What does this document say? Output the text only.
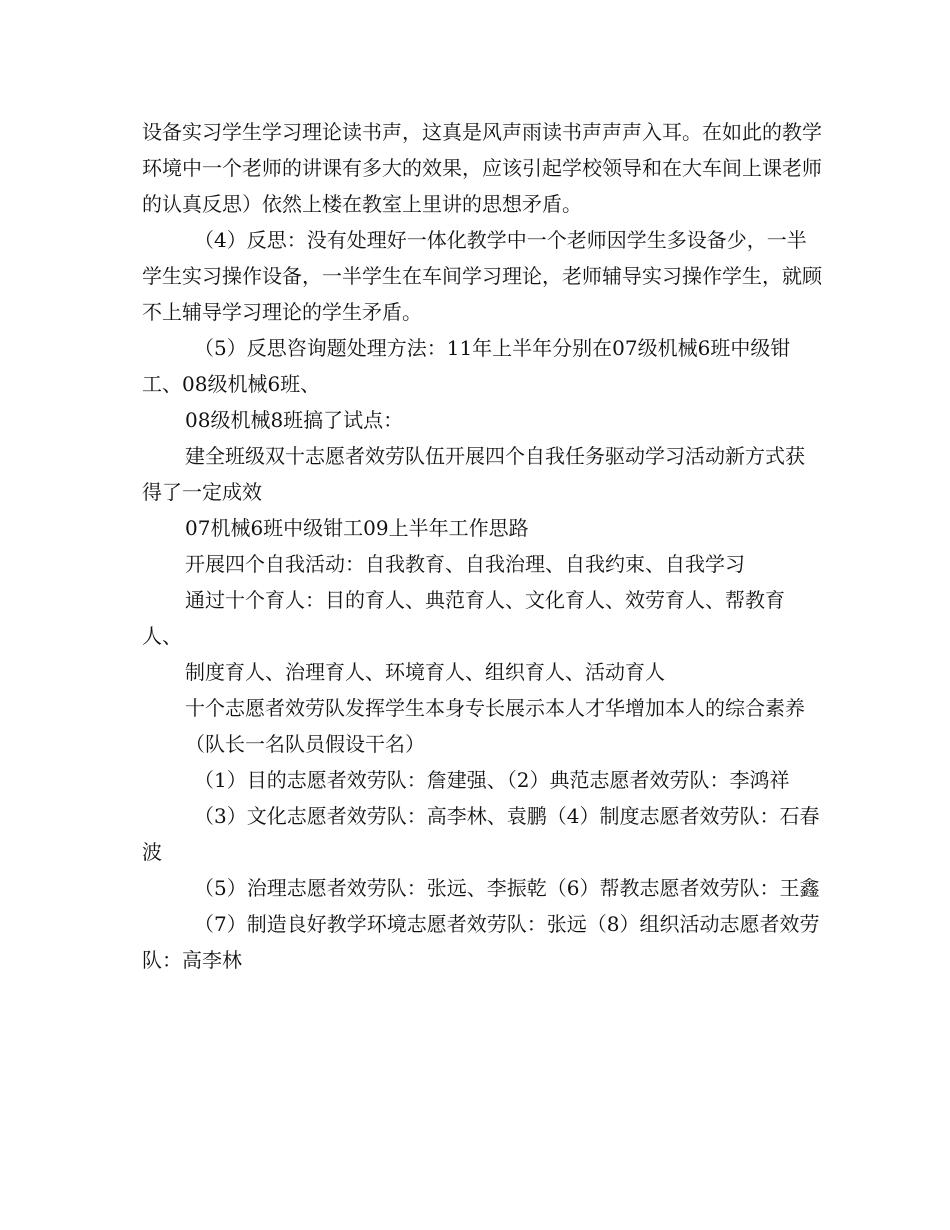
设备实习学生学习理论读书声，这真是风声雨读书声声声入耳。在如此的教学环境中一个老师的讲课有多大的效果，应该引起学校领导和在大车间上课老师的认真反思）依然上楼在教室上里讲的思想矛盾。

（4）反思：没有处理好一体化教学中一个老师因学生多设备少，一半学生实习操作设备，一半学生在车间学习理论，老师辅导实习操作学生，就顾不上辅导学习理论的学生矛盾。

（5）反思咨询题处理方法：11年上半年分别在07级机械6班中级钳工、08级机械6班、

08级机械8班搞了试点：

建全班级双十志愿者效劳队伍开展四个自我任务驱动学习活动新方式获得了一定成效

07机械6班中级钳工09上半年工作思路

开展四个自我活动：自我教育、自我治理、自我约束、自我学习

通过十个育人：目的育人、典范育人、文化育人、效劳育人、帮教育人、

制度育人、治理育人、环境育人、组织育人、活动育人

十个志愿者效劳队发挥学生本身专长展示本人才华增加本人的综合素养

（队长一名队员假设干名）

（1）目的志愿者效劳队：詹建强、（2）典范志愿者效劳队：李鸿祥

（3）文化志愿者效劳队：高李林、袁鹏（4）制度志愿者效劳队：石春波

（5）治理志愿者效劳队：张远、李振乾（6）帮教志愿者效劳队：王鑫

（7）制造良好教学环境志愿者效劳队：张远（8）组织活动志愿者效劳队：高李林
